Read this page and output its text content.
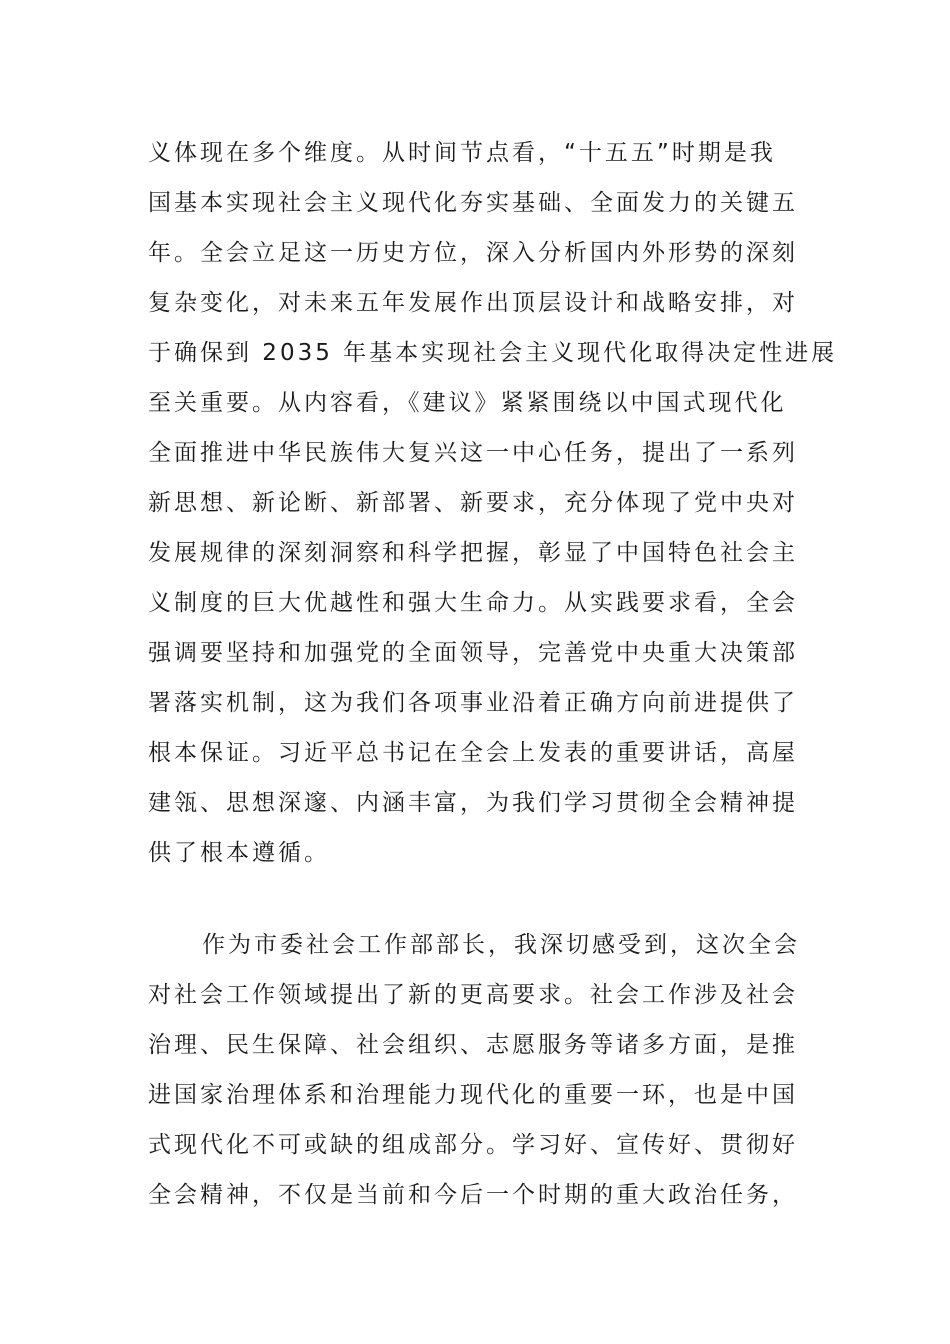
义体现在多个维度。从时间节点看，“十五五”时期是我
国基本实现社会主义现代化夯实基础、全面发力的关键五
年。全会立足这一历史方位，深入分析国内外形势的深刻
复杂变化，对未来五年发展作出顶层设计和战略安排，对
于确保到 2035 年基本实现社会主义现代化取得决定性进展
至关重要。从内容看，《建议》紧紧围绕以中国式现代化
全面推进中华民族伟大复兴这一中心任务，提出了一系列
新思想、新论断、新部署、新要求，充分体现了党中央对
发展规律的深刻洞察和科学把握，彰显了中国特色社会主
义制度的巨大优越性和强大生命力。从实践要求看，全会
强调要坚持和加强党的全面领导，完善党中央重大决策部
署落实机制，这为我们各项事业沿着正确方向前进提供了
根本保证。习近平总书记在全会上发表的重要讲话，高屋
建瓴、思想深邃、内涵丰富，为我们学习贯彻全会精神提
供了根本遵循。
作为市委社会工作部部长，我深切感受到，这次全会
对社会工作领域提出了新的更高要求。社会工作涉及社会
治理、民生保障、社会组织、志愿服务等诸多方面，是推
进国家治理体系和治理能力现代化的重要一环，也是中国
式现代化不可或缺的组成部分。学习好、宣传好、贯彻好
全会精神，不仅是当前和今后一个时期的重大政治任务，
